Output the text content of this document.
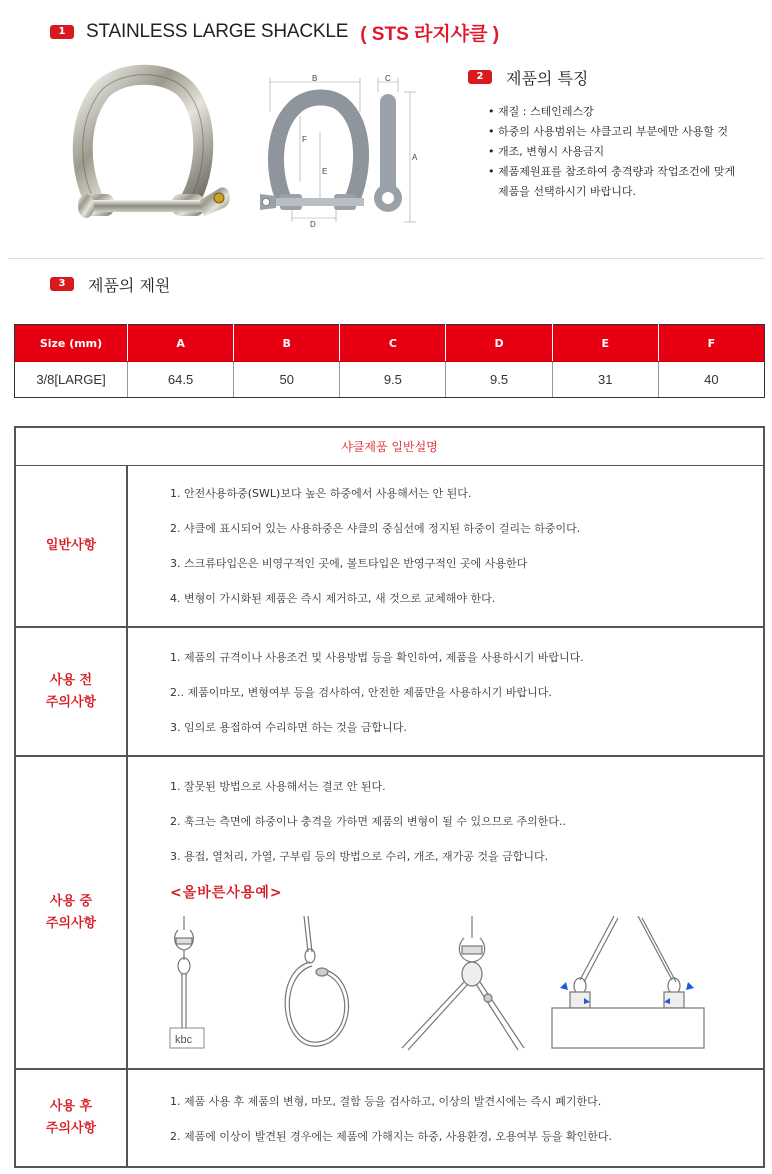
1	STAINLESS LARGE SHACKLE ( STS 라지샤클 )
B	C
A
F
E
D
2	제품의 특징
• 재질 : 스테인레스강
• 하중의 사용범위는 샤클고리 부분에만 사용할 것
• 개조, 변형시 사용금지
• 제품제원표를 참조하여 충격량과 작업조건에 맞게
제품을 선택하시기 바랍니다.
3	제품의 제원
Size (mm)	A	B	C	D	E	F
3/8[LARGE]	64.5	50	9.5	9.5	31	40
샤클제품 일반설명
일반사항

1. 안전사용하중(SWL)보다 높은 하중에서 사용해서는 안 된다.

2. 샤클에 표시되어 있는 사용하중은 샤클의 중심선에 정지된 하중이 걸리는 하중이다.

3. 스크류타입은은 비영구적인 곳에, 볼트타입은 반영구적인 곳에 사용한다

4. 변형이 가시화된 제품은 즉시 제거하고, 새 것으로 교체해야 한다.

사용 전
주의사항

1. 제품의 규격이나 사용조건 및 사용방법 등을 확인하여, 제품을 사용하시기 바랍니다.

2.. 제품이마모, 변형여부 등을 검사하여, 안전한 제품만을 사용하시기 바랍니다.

3. 임의로 용접하여 수리하면 하는 것을 금합니다.

사용 중
주의사항

1. 잘못된 방법으로 사용해서는 결코 안 된다.

2. 훅크는 측면에 하중이나 충격을 가하면 제품의 변형이 될 수 있으므로 주의한다..

3. 용접, 열처리, 가열, 구부림 등의 방법으로 수리, 개조, 재가공 것을 금합니다.

<올바른사용예>
kbc
사용 후
주의사항

1. 제품 사용 후 제품의 변형, 마모, 결함 등을 검사하고, 이상의 발견시에는 즉시 폐기한다.

2. 제품에 이상이 발견된 경우에는 제품에 가해지는 하중, 사용환경, 오용여부 등을 확인한다.
